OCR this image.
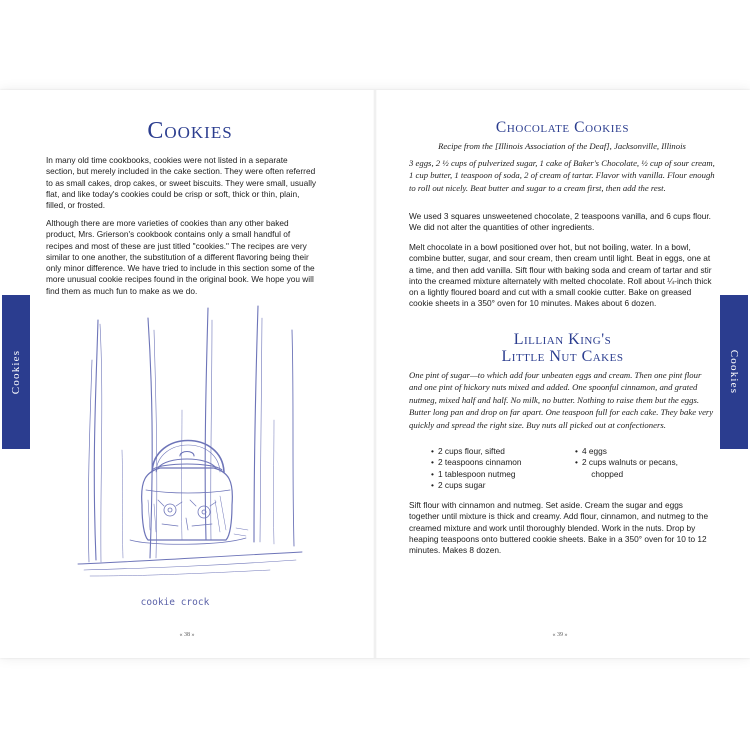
Cookies
Cookies

In many old time cookbooks, cookies were not listed in a separate section, but merely included in the cake section. They were often referred to as small cakes, drop cakes, or sweet biscuits. They were small, usually flat, and like today's cookies could be crisp or soft, thick or thin, plain, filled, or frosted.

Although there are more varieties of cookies than any other baked product, Mrs. Grierson's cookbook contains only a small handful of recipes and most of these are just titled "cookies." The recipes are very similar to one another, the substitution of a different flavoring being their only minor difference. We have tried to include in this section some of the more unusual cookie recipes found in the original book. We hope you will find them as much fun to make as we do.

cookie crock
« 38 »
Chocolate Cookies

Recipe from the [Illinois Association of the Deaf], Jacksonville, Illinois

3 eggs, 2 ½ cups of pulverized sugar, 1 cake of Baker's Chocolate, ½ cup of sour cream, 1 cup butter, 1 teaspoon of soda, 2 of cream of tartar. Flavor with vanilla. Flour enough to roll out nicely. Beat butter and sugar to a cream first, then add the rest.

We used 3 squares unsweetened chocolate, 2 teaspoons vanilla, and 6 cups flour. We did not alter the quantities of other ingredients.

Melt chocolate in a bowl positioned over hot, but not boiling, water. In a bowl, combine butter, sugar, and sour cream, then cream until light. Beat in eggs, one at a time, and then add vanilla. Sift flour with baking soda and cream of tartar and stir into the creamed mixture alternately with melted chocolate. Roll about ¼-inch thick on a lightly floured board and cut with a small cookie cutter. Bake on greased cookie sheets in a 350° oven for 10 minutes. Makes about 6 dozen.

Lillian King's
Little Nut Cakes

One pint of sugar—to which add four unbeaten eggs and cream. Then one pint flour and one pint of hickory nuts mixed and added. One spoonful cinnamon, and grated nutmeg, mixed half and half. No milk, no butter. Nothing to raise them but the eggs. Butter long pan and drop on far apart. One teaspoon full for each cake. They bake very quickly and spread the right size. Buy nuts all picked out at confectioners.

• 2 cups flour, sifted
• 2 teaspoons cinnamon
• 1 tablespoon nutmeg
• 2 cups sugar
• 4 eggs
• 2 cups walnuts or pecans,
chopped

Sift flour with cinnamon and nutmeg. Set aside. Cream the sugar and eggs together until mixture is thick and creamy. Add flour, cinnamon, and nutmeg to the creamed mixture and work until thoroughly blended. Work in the nuts. Drop by heaping teaspoons onto buttered cookie sheets. Bake in a 350° oven for 10 to 12 minutes. Makes 8 dozen.

« 39 »
Cookies
